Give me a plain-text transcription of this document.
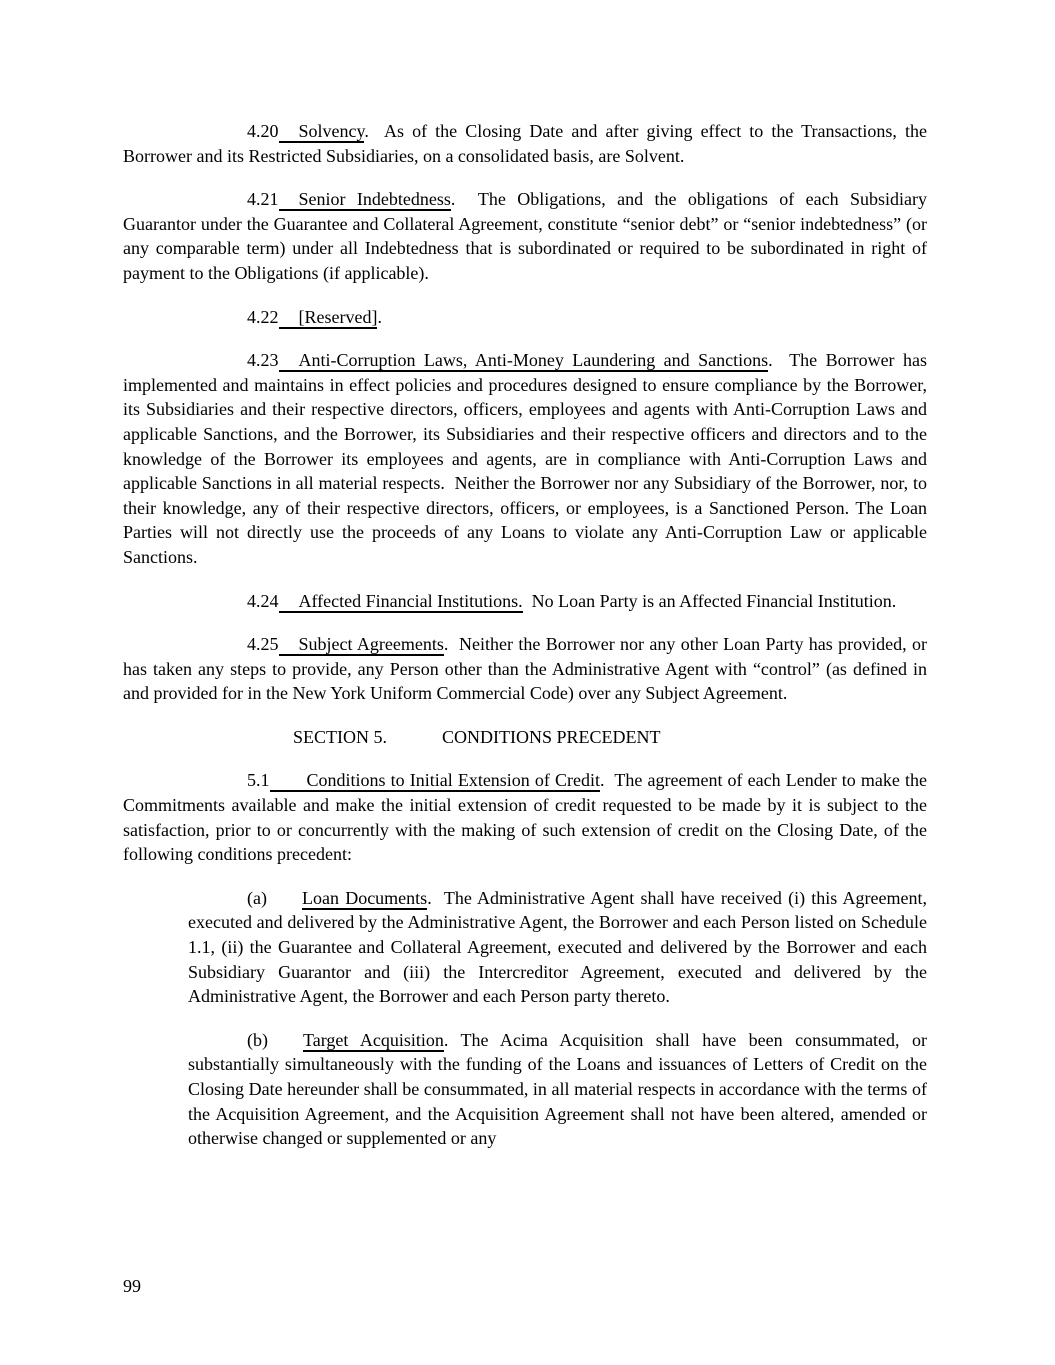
4.20 Solvency.  As of the Closing Date and after giving effect to the Transactions, the Borrower and its Restricted Subsidiaries, on a consolidated basis, are Solvent.

4.21 Senior Indebtedness.  The Obligations, and the obligations of each Subsidiary Guarantor under the Guarantee and Collateral Agreement, constitute “senior debt” or “senior indebtedness” (or any comparable term) under all Indebtedness that is subordinated or required to be subordinated in right of payment to the Obligations (if applicable).

4.22 [Reserved].

4.23 Anti-Corruption Laws, Anti-Money Laundering and Sanctions.  The Borrower has implemented and maintains in effect policies and procedures designed to ensure compliance by the Borrower, its Subsidiaries and their respective directors, officers, employees and agents with Anti-Corruption Laws and applicable Sanctions, and the Borrower, its Subsidiaries and their respective officers and directors and to the knowledge of the Borrower its employees and agents, are in compliance with Anti-Corruption Laws and applicable Sanctions in all material respects.  Neither the Borrower nor any Subsidiary of the Borrower, nor, to their knowledge, any of their respective directors, officers, or employees, is a Sanctioned Person. The Loan Parties will not directly use the proceeds of any Loans to violate any Anti-Corruption Law or applicable Sanctions.

4.24 Affected Financial Institutions. No Loan Party is an Affected Financial Institution.

4.25 Subject Agreements.  Neither the Borrower nor any other Loan Party has provided, or has taken any steps to provide, any Person other than the Administrative Agent with “control” (as defined in and provided for in the New York Uniform Commercial Code) over any Subject Agreement.

SECTION 5.	CONDITIONS PRECEDENT

5.1 Conditions to Initial Extension of Credit.  The agreement of each Lender to make the Commitments available and make the initial extension of credit requested to be made by it is subject to the satisfaction, prior to or concurrently with the making of such extension of credit on the Closing Date, of the following conditions precedent:

(a) Loan Documents.  The Administrative Agent shall have received (i) this Agreement, executed and delivered by the Administrative Agent, the Borrower and each Person listed on Schedule 1.1, (ii) the Guarantee and Collateral Agreement, executed and delivered by the Borrower and each Subsidiary Guarantor and (iii) the Intercreditor Agreement, executed and delivered by the Administrative Agent, the Borrower and each Person party thereto.

(b) Target Acquisition. The Acima Acquisition shall have been consummated, or substantially simultaneously with the funding of the Loans and issuances of Letters of Credit on the Closing Date hereunder shall be consummated, in all material respects in accordance with the terms of the Acquisition Agreement, and the Acquisition Agreement shall not have been altered, amended or otherwise changed or supplemented or any

99
